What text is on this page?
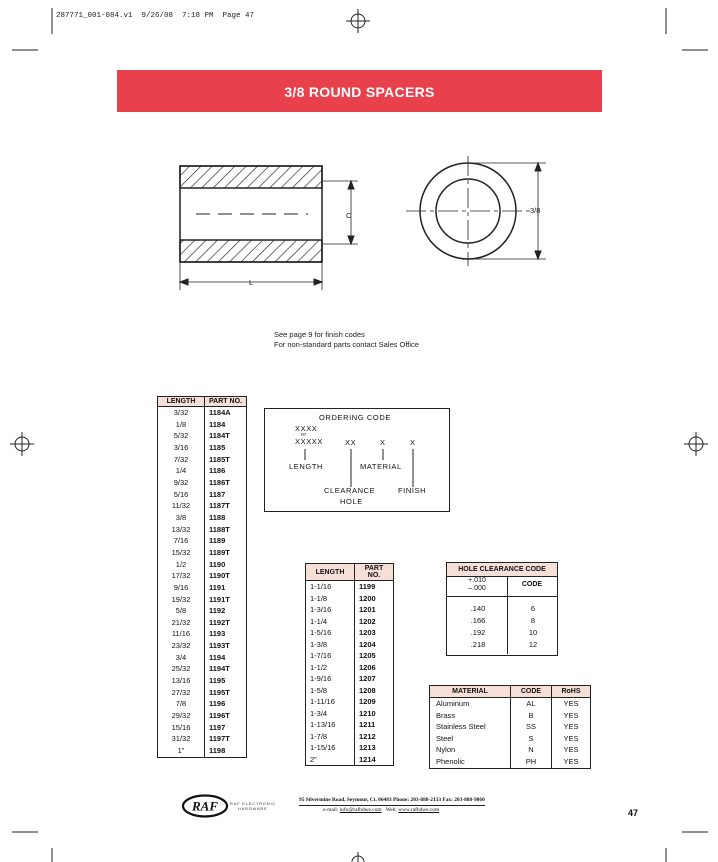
287771_001-084.v1  9/26/08  7:18 PM  Page 47
3/8 ROUND SPACERS
C
L
3/8
See page 9 for finish codes
For non-standard parts contact Sales Office
LENGTH	PART NO.
3/32	1184A
1/8	1184
5/32	1184T
3/16	1185
7/32	1185T
1/4	1186
9/32	1186T
5/16	1187
11/32	1187T
3/8	1188
13/32	1188T
7/16	1189
15/32	1189T
1/2	1190
17/32	1190T
9/16	1191
19/32	1191T
5/8	1192
21/32	1192T
11/16	1193
23/32	1193T
3/4	1194
25/32	1194T
13/16	1195
27/32	1195T
7/8	1196
29/32	1196T
15/16	1197
31/32	1197T
1"	1198
ORDERING CODE
XXXX
or
XXXXX	XX	X	X
LENGTH	MATERIAL
CLEARANCE
HOLE
FINISH
LENGTH	PART NO.
1-1/16	1199
1-1/8	1200
1-3/16	1201
1-1/4	1202
1-5/16	1203
1-3/8	1204
1-7/16	1205
1-1/2	1206
1-9/16	1207
1-5/8	1208
1-11/16	1209
1-3/4	1210
1-13/16	1211
1-7/8	1212
1-15/16	1213
2"	1214
HOLE CLEARANCE CODE
+.010
–.000
CODE
.140	6
.166	8
.192	10
.218	12
MATERIAL	CODE	RoHS
Aluminum	AL	YES
Brass	B	YES
Stainless Steel	SS	YES
Steel	S	YES
Nylon	N	YES
Phenolic	PH	YES
RAF	RAF ELECTRONIC
HARDWARE
95 Silvermine Road, Seymour, Ct. 06483 Phone: 203-888-2133 Fax: 203-888-9860
e-mail: info@rafhdwe.com Web: www.rafhdwe.com	47
